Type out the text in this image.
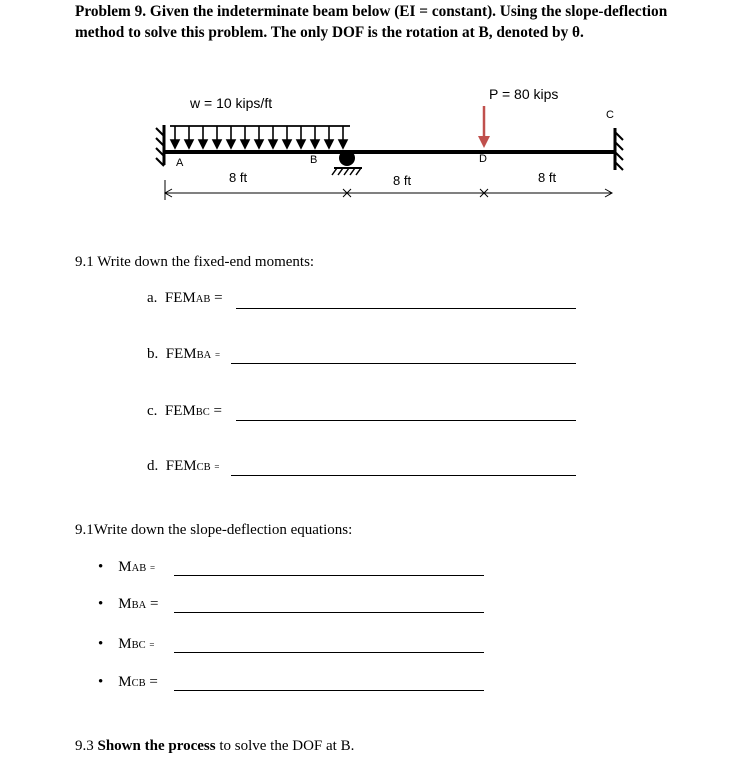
Problem 9. Given the indeterminate beam below (EI = constant). Using the slope-deflection
method to solve this problem. The only DOF is the rotation at B, denoted by θ.
w = 10 kips/ft
P = 80 kips
A	B
C
D
8 ft	8 ft	8 ft
9.1 Write down the fixed-end moments:
a. FEMAB =
b. FEMBA =
c. FEMBC =
d. FEMCB =
9.1Write down the slope-deflection equations:
• MAB =
• MBA =
• MBC =
• MCB =
9.3 Shown the process to solve the DOF at B.
